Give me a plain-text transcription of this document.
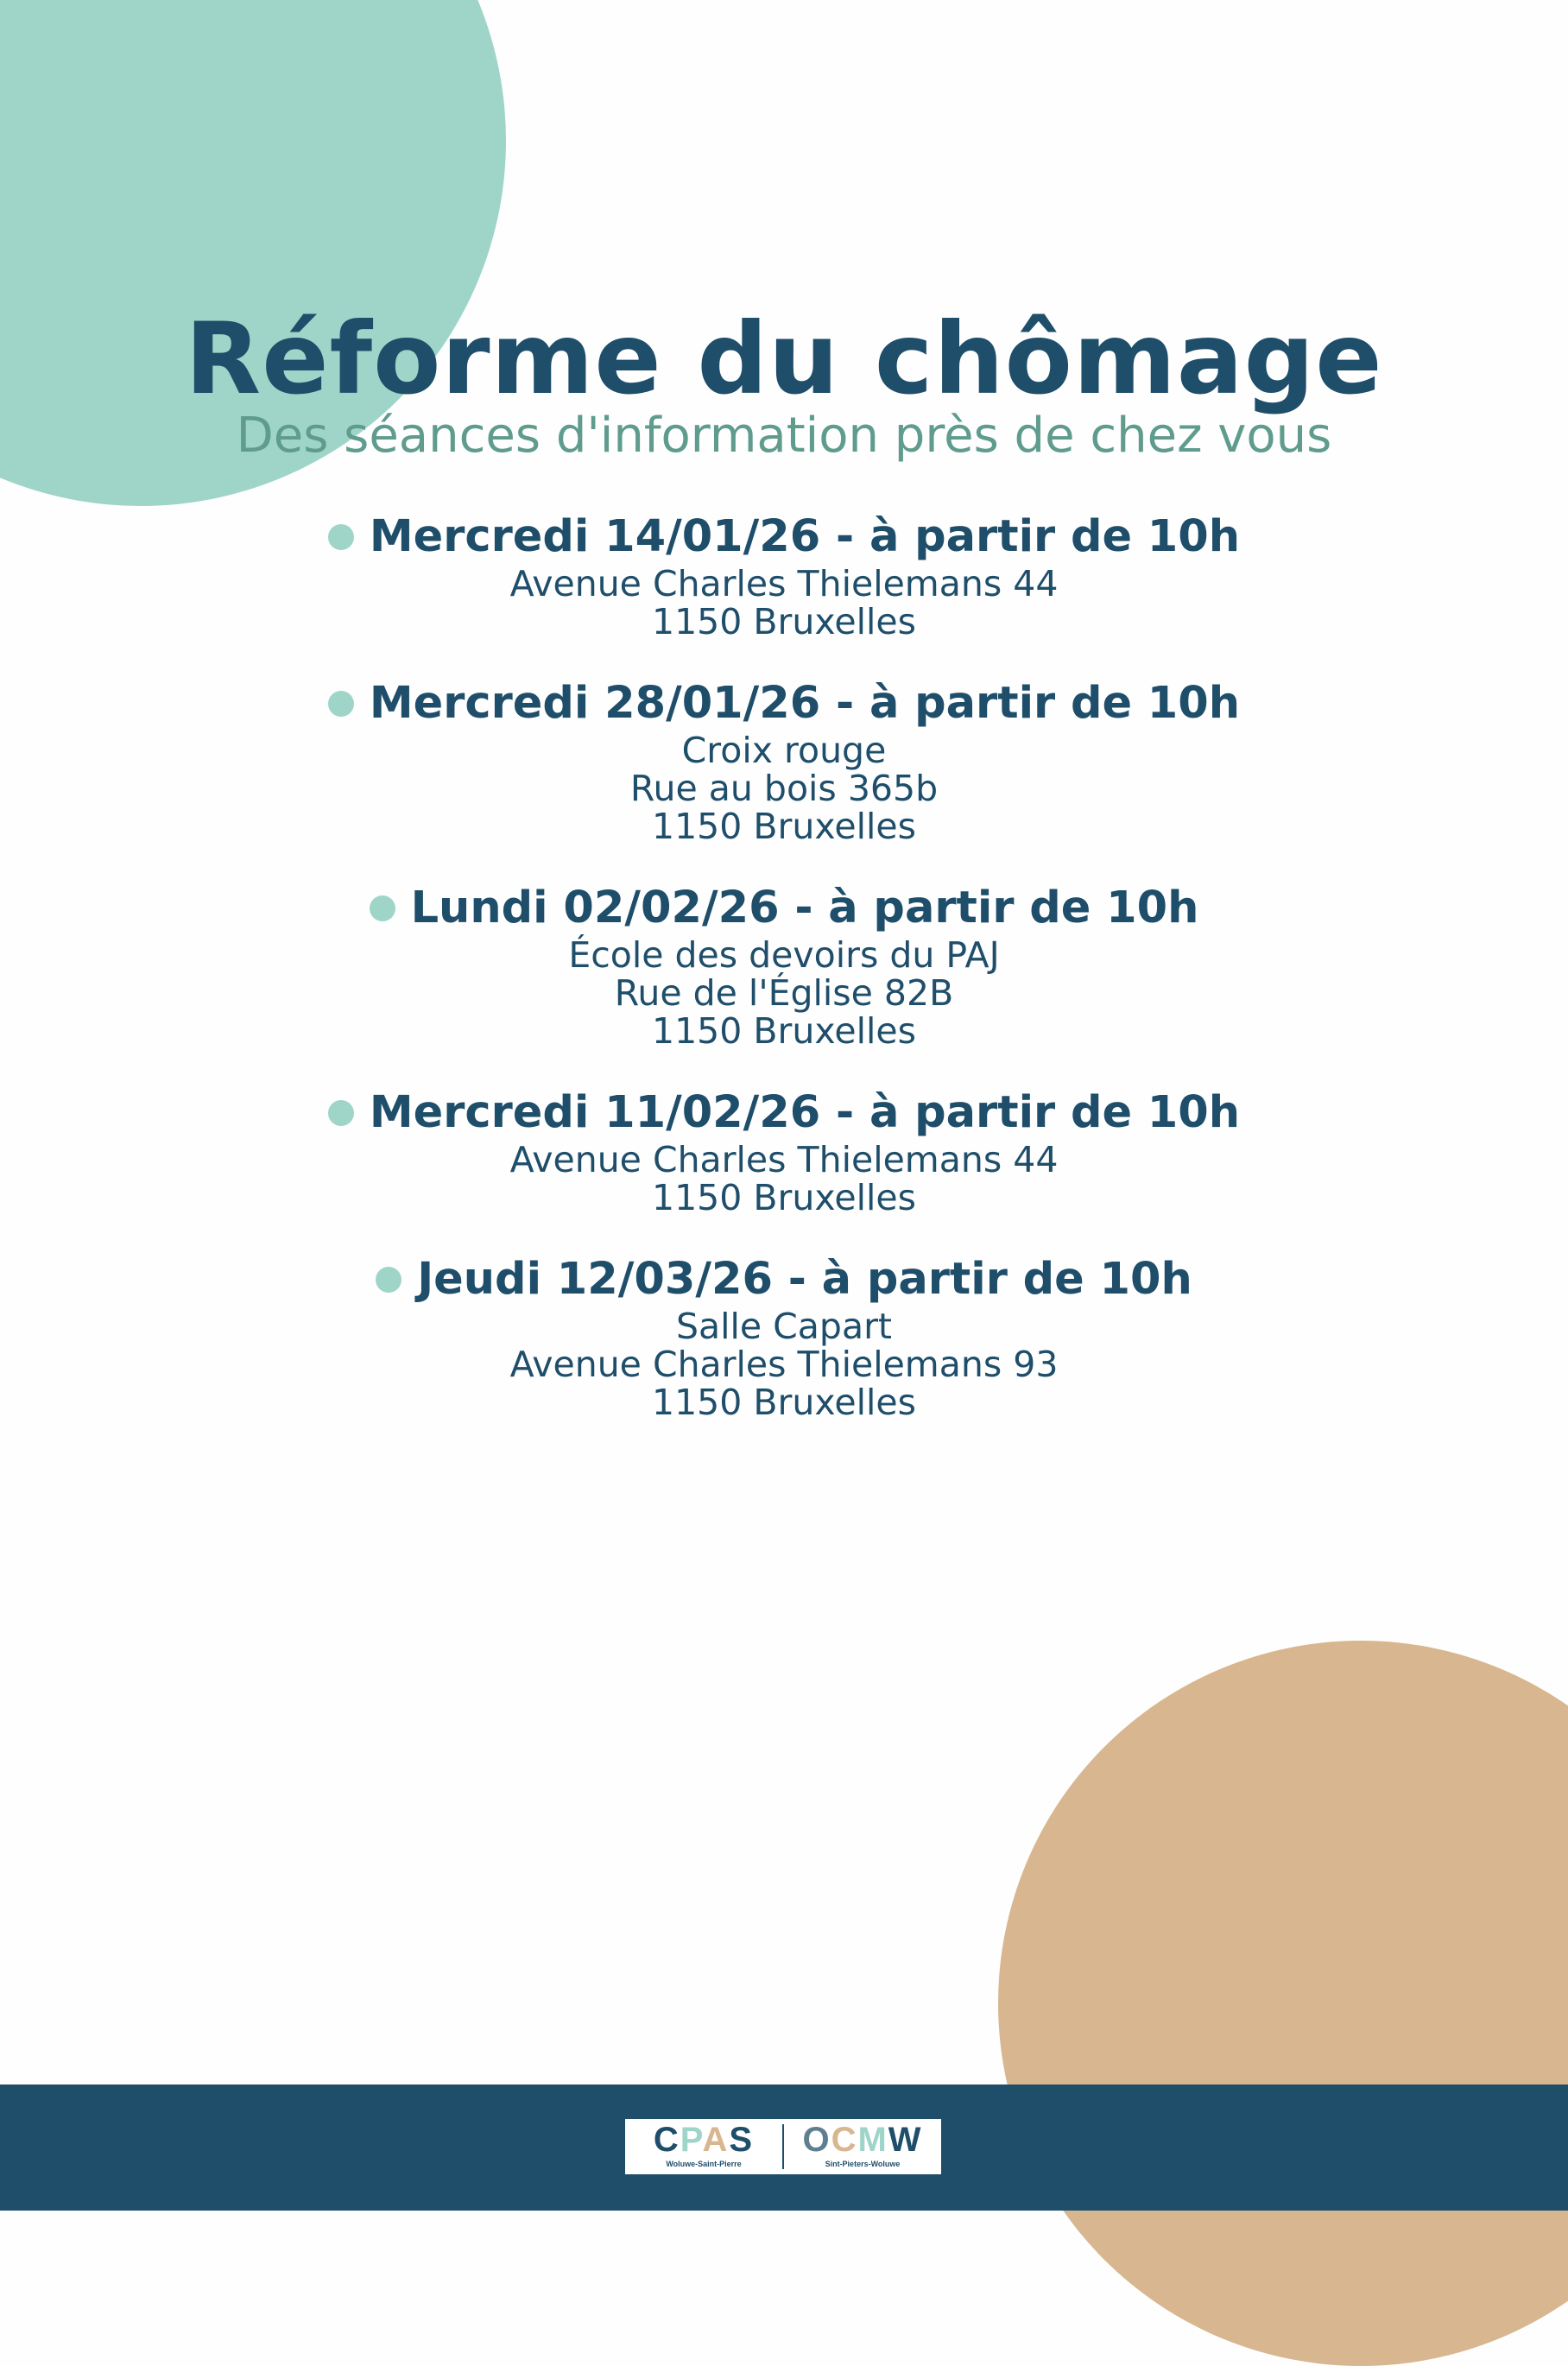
Réforme du chômage
Des séances d'information près de chez vous
Mercredi 14/01/26 - à partir de 10h
Avenue Charles Thielemans 44
1150 Bruxelles
Mercredi 28/01/26 - à partir de 10h
Croix rouge
Rue au bois 365b
1150 Bruxelles
Lundi 02/02/26 - à partir de 10h
École des devoirs du PAJ
Rue de l'Église 82B
1150 Bruxelles
Mercredi 11/02/26 - à partir de 10h
Avenue Charles Thielemans 44
1150 Bruxelles
Jeudi 12/03/26 - à partir de 10h
Salle Capart
Avenue Charles Thielemans 93
1150 Bruxelles
CPAS
Woluwe-Saint-Pierre
OCMW
Sint-Pieters-Woluwe
